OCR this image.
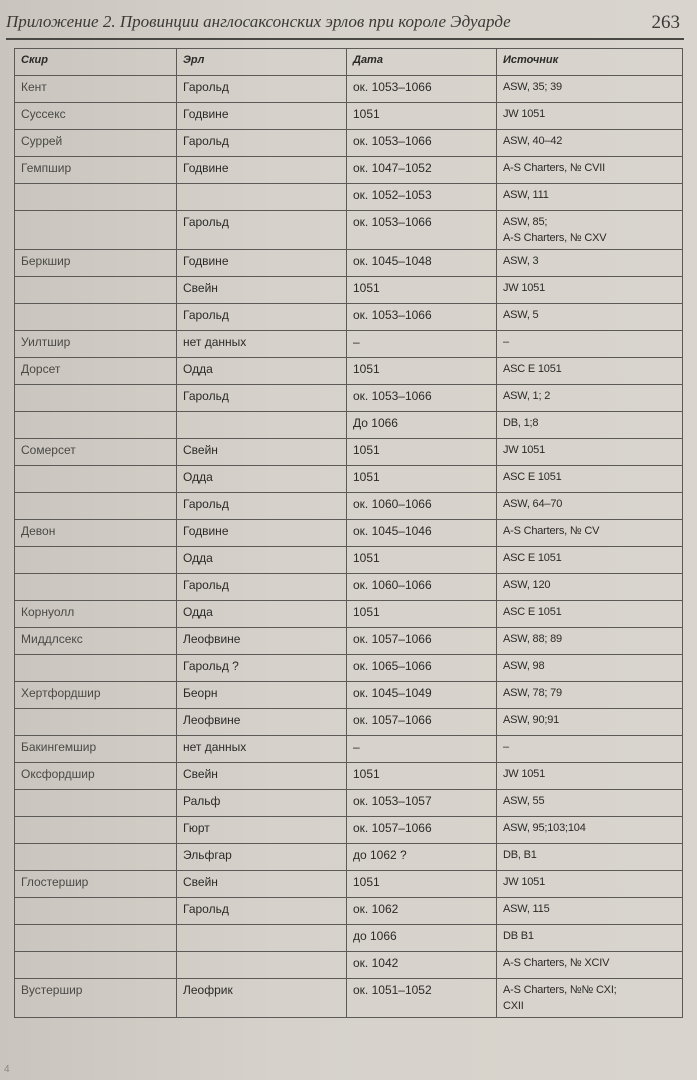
Приложение 2. Провинции англосаксонских эрлов при короле Эдуарде	263
Скир	Эрл	Дата	Источник
Кент	Гарольд	ок. 1053–1066	ASW, 35; 39
Суссекс	Годвине	1051	JW 1051
Суррей	Гарольд	ок. 1053–1066	ASW, 40–42
Гемпшир	Годвине	ок. 1047–1052	A-S Charters, № CVII
		ок. 1052–1053	ASW, 111
	Гарольд	ок. 1053–1066	ASW, 85;
A-S Charters, № CXV
Беркшир	Годвине	ок. 1045–1048	ASW, 3
	Свейн	1051	JW 1051
	Гарольд	ок. 1053–1066	ASW, 5
Уилтшир	нет данных	–	–
Дорсет	Одда	1051	ASC E 1051
	Гарольд	ок. 1053–1066	ASW, 1; 2
		До 1066	DB, 1;8
Сомерсет	Свейн	1051	JW 1051
	Одда	1051	ASC E 1051
	Гарольд	ок. 1060–1066	ASW, 64–70
Девон	Годвине	ок. 1045–1046	A-S Charters, № CV
	Одда	1051	ASC E 1051
	Гарольд	ок. 1060–1066	ASW, 120
Корнуолл	Одда	1051	ASC E 1051
Миддлсекс	Леофвине	ок. 1057–1066	ASW, 88; 89
	Гарольд ?	ок. 1065–1066	ASW, 98
Хертфордшир	Беорн	ок. 1045–1049	ASW, 78; 79
	Леофвине	ок. 1057–1066	ASW, 90;91
Бакингемшир	нет данных	–	–
Оксфордшир	Свейн	1051	JW 1051
	Ральф	ок. 1053–1057	ASW, 55
	Гюрт	ок. 1057–1066	ASW, 95;103;104
	Эльфгар	до 1062 ?	DB, B1
Глостершир	Свейн	1051	JW 1051
	Гарольд	ок. 1062	ASW, 115
		до 1066	DB B1
		ок. 1042	A-S Charters, № XCIV
Вустершир	Леофрик	ок. 1051–1052	A-S Charters, №№ CXI;
CXII
4
